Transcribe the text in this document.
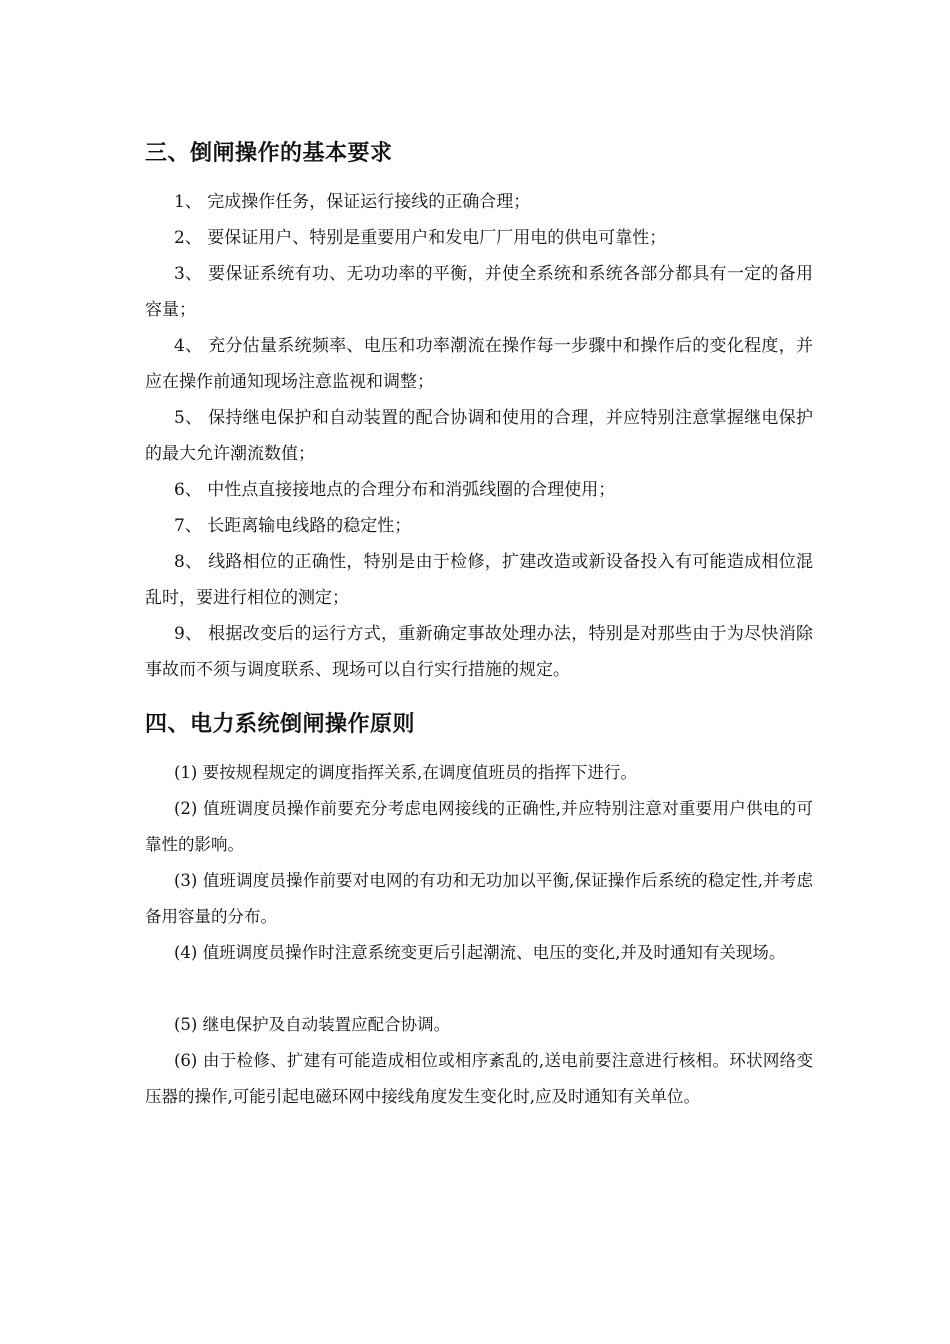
三、倒闸操作的基本要求

1、 完成操作任务，保证运行接线的正确合理；

2、 要保证用户、特别是重要用户和发电厂厂用电的供电可靠性；

3、 要保证系统有功、无功功率的平衡，并使全系统和系统各部分都具有一定的备用容量；

4、 充分估量系统频率、电压和功率潮流在操作每一步骤中和操作后的变化程度，并应在操作前通知现场注意监视和调整；

5、 保持继电保护和自动装置的配合协调和使用的合理，并应特别注意掌握继电保护的最大允许潮流数值；

6、 中性点直接接地点的合理分布和消弧线圈的合理使用；

7、 长距离输电线路的稳定性；

8、 线路相位的正确性，特别是由于检修，扩建改造或新设备投入有可能造成相位混乱时，要进行相位的测定；

9、 根据改变后的运行方式，重新确定事故处理办法，特别是对那些由于为尽快消除事故而不须与调度联系、现场可以自行实行措施的规定。

四、电力系统倒闸操作原则

(1) 要按规程规定的调度指挥关系,在调度值班员的指挥下进行。

(2) 值班调度员操作前要充分考虑电网接线的正确性,并应特别注意对重要用户供电的可靠性的影响。

(3) 值班调度员操作前要对电网的有功和无功加以平衡,保证操作后系统的稳定性,并考虑备用容量的分布。

(4) 值班调度员操作时注意系统变更后引起潮流、电压的变化,并及时通知有关现场。

(5) 继电保护及自动装置应配合协调。

(6) 由于检修、扩建有可能造成相位或相序紊乱的,送电前要注意进行核相。环状网络变压器的操作,可能引起电磁环网中接线角度发生变化时,应及时通知有关单位。
